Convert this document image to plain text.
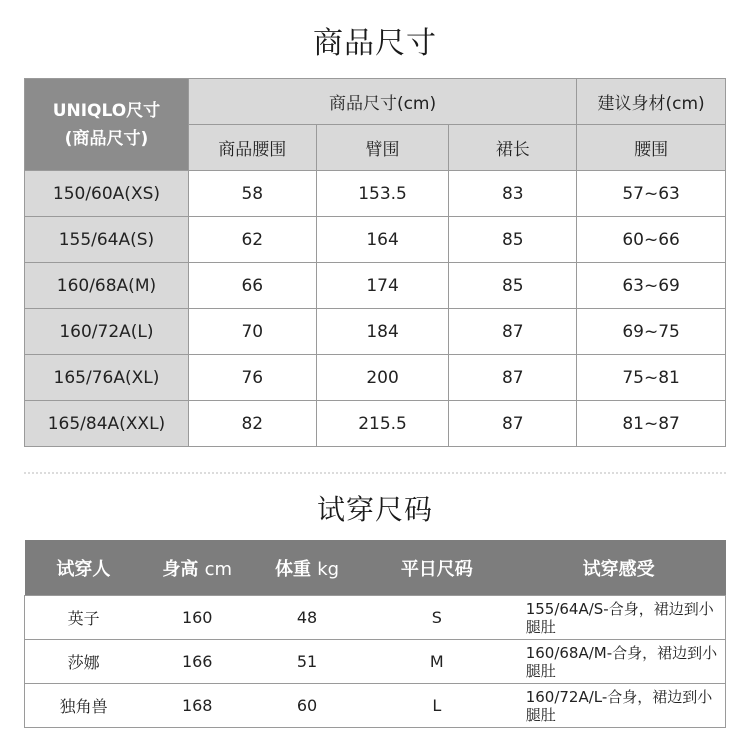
商品尺寸
UNIQLO尺寸
(商品尺寸)	商品尺寸(cm)			建议身材(cm)
	商品腰围	臂围	裙长	腰围
150/60A(XS)	58	153.5	83	57~63
155/64A(S)	62	164	85	60~66
160/68A(M)	66	174	85	63~69
160/72A(L)	70	184	87	69~75
165/76A(XL)	76	200	87	75~81
165/84A(XXL)	82	215.5	87	81~87
试穿尺码
试穿人	身高 cm	体重 kg	平日尺码	试穿感受
英子	160	48	S	155/64A/S-合身，裙边到小腿肚
莎娜	166	51	M	160/68A/M-合身，裙边到小腿肚
独角兽	168	60	L	160/72A/L-合身，裙边到小腿肚
